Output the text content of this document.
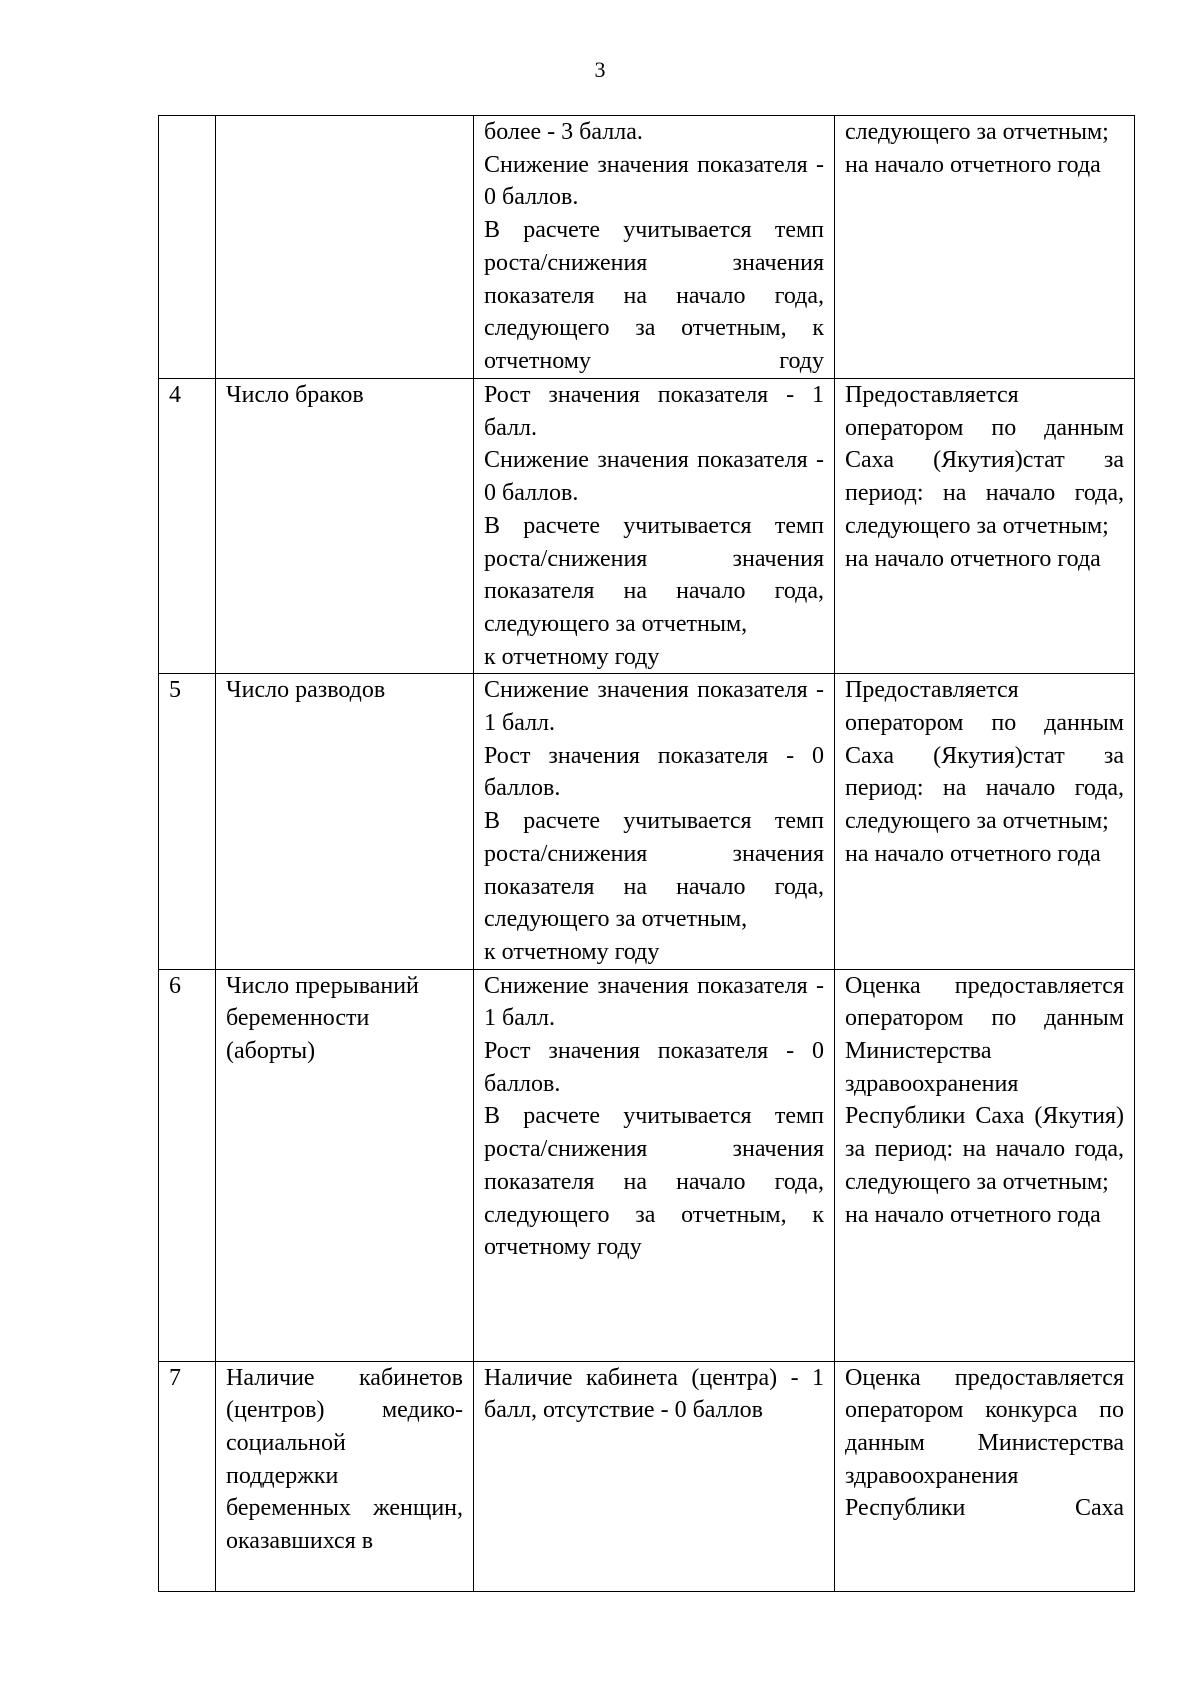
3

		более - 3 балла.
Снижение значения показателя - 0 баллов.
В расчете учитывается темп роста/снижения значения показателя на начало года, следующего за отчетным, к отчетному году	следующего за отчетным;
на начало отчетного года

4	Число браков	Рост значения показателя - 1 балл.
Снижение значения показателя - 0 баллов.
В расчете учитывается темп роста/снижения значения показателя на начало года,
следующего за отчетным,
к отчетному году	Предоставляется оператором по данным Саха (Якутия)стат за период: на начало года, следующего за отчетным;
на начало отчетного года

5	Число разводов	Снижение значения показателя - 1 балл.
Рост значения показателя - 0 баллов.
В расчете учитывается темп роста/снижения значения показателя на начало года,
следующего за отчетным,
к отчетному году	Предоставляется оператором по данным Саха (Якутия)стат за период: на начало года, следующего за отчетным;
на начало отчетного года

6	Число прерываний беременности (аборты)	Снижение значения показателя - 1 балл.
Рост значения показателя - 0 баллов.
В расчете учитывается темп роста/снижения значения показателя на начало года, следующего за отчетным, к отчетному году	Оценка предоставляется оператором по данным Министерства здравоохранения Республики Саха (Якутия) за период: на начало года, следующего за отчетным;
на начало отчетного года

7	Наличие кабинетов (центров) медико-социальной поддержки беременных женщин, оказавшихся в	Наличие кабинета (центра) - 1 балл, отсутствие - 0 баллов	Оценка предоставляется оператором конкурса по данным Министерства здравоохранения Республики Саха
